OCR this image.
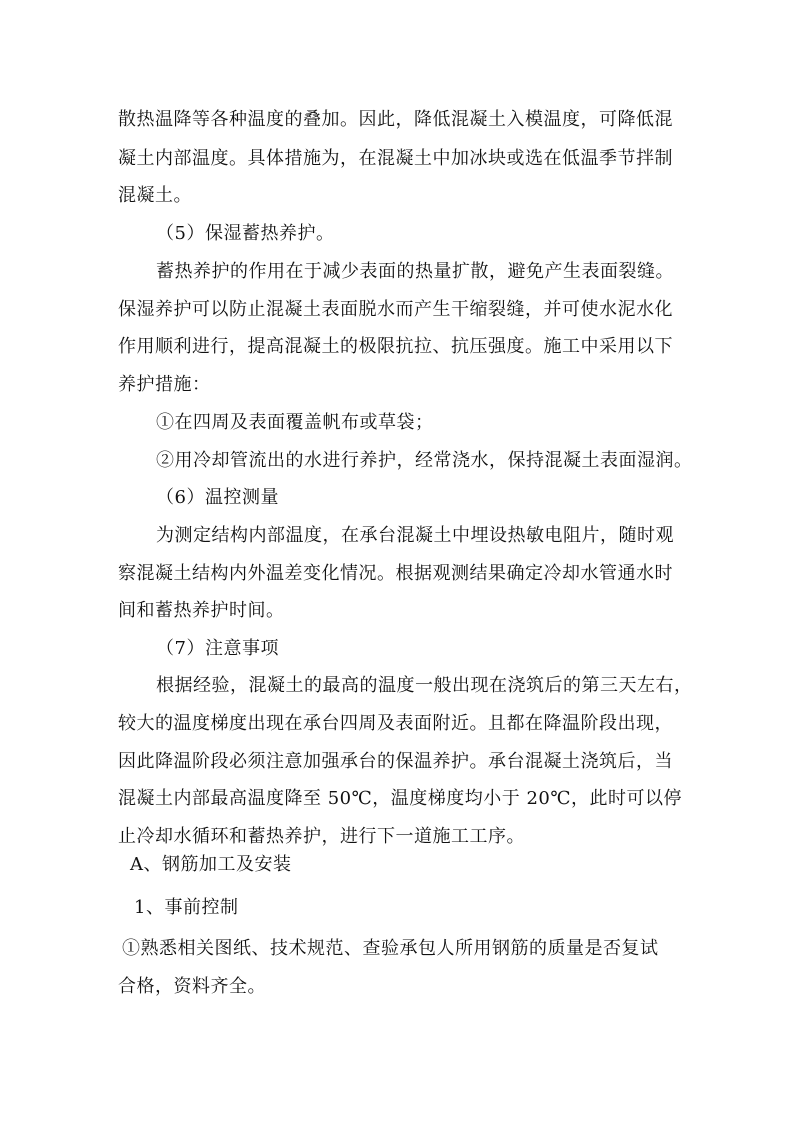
散热温降等各种温度的叠加。因此，降低混凝土入模温度，可降低混
凝土内部温度。具体措施为，在混凝土中加冰块或选在低温季节拌制
混凝土。
（5）保湿蓄热养护。
蓄热养护的作用在于减少表面的热量扩散，避免产生表面裂缝。
保湿养护可以防止混凝土表面脱水而产生干缩裂缝，并可使水泥水化
作用顺利进行，提高混凝土的极限抗拉、抗压强度。施工中采用以下
养护措施：
①在四周及表面覆盖帆布或草袋；
②用冷却管流出的水进行养护，经常浇水，保持混凝土表面湿润。
（6）温控测量
为测定结构内部温度，在承台混凝土中埋设热敏电阻片，随时观
察混凝土结构内外温差变化情况。根据观测结果确定冷却水管通水时
间和蓄热养护时间。
（7）注意事项
根据经验，混凝土的最高的温度一般出现在浇筑后的第三天左右，
较大的温度梯度出现在承台四周及表面附近。且都在降温阶段出现，
因此降温阶段必须注意加强承台的保温养护。承台混凝土浇筑后，当
混凝土内部最高温度降至 50℃，温度梯度均小于 20℃，此时可以停
止冷却水循环和蓄热养护，进行下一道施工工序。
A、钢筋加工及安装
1、事前控制
①熟悉相关图纸、技术规范、查验承包人所用钢筋的质量是否复试
合格，资料齐全。
